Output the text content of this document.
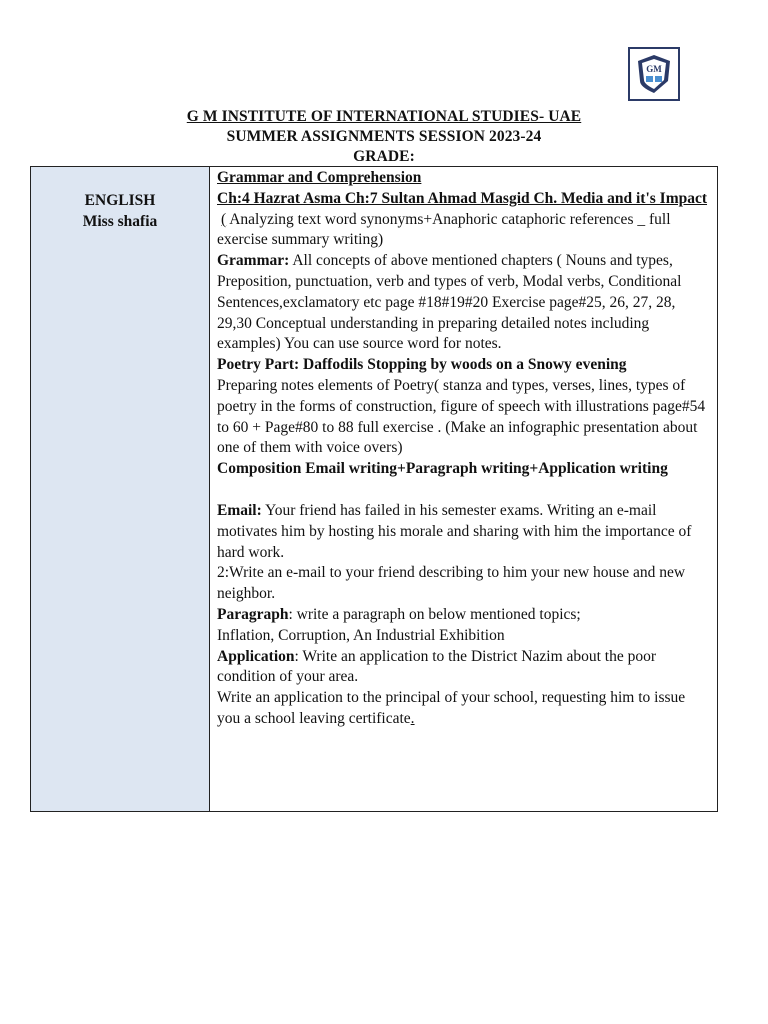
GM
G M INSTITUTE OF INTERNATIONAL STUDIES- UAE
SUMMER ASSIGNMENTS SESSION 2023-24
GRADE:
ENGLISH
Miss shafia

Grammar and Comprehension

Ch:4 Hazrat Asma Ch:7 Sultan Ahmad Masgid Ch. Media and it's Impact

( Analyzing text word synonyms+Anaphoric cataphoric references _ full exercise summary writing)

Grammar: All concepts of above mentioned chapters ( Nouns and types, Preposition, punctuation, verb and types of verb, Modal verbs, Conditional Sentences,exclamatory etc page #18#19#20 Exercise page#25, 26, 27, 28, 29,30 Conceptual understanding in preparing detailed notes including examples) You can use source word for notes.

Poetry Part: Daffodils Stopping by woods on a Snowy evening

Preparing notes elements of Poetry( stanza and types, verses, lines, types of poetry in the forms of construction, figure of speech with illustrations page#54 to 60 + Page#80 to 88 full exercise . (Make an infographic presentation about one of them with voice overs)

Composition Email writing+Paragraph writing+Application writing

Email: Your friend has failed in his semester exams. Writing an e-mail motivates him by hosting his morale and sharing with him the importance of hard work.

2:Write an e-mail to your friend describing to him your new house and new neighbor.

Paragraph: write a paragraph on below mentioned topics;

Inflation, Corruption, An Industrial Exhibition

Application: Write an application to the District Nazim about the poor condition of your area.

Write an application to the principal of your school, requesting him to issue you a school leaving certificate.
